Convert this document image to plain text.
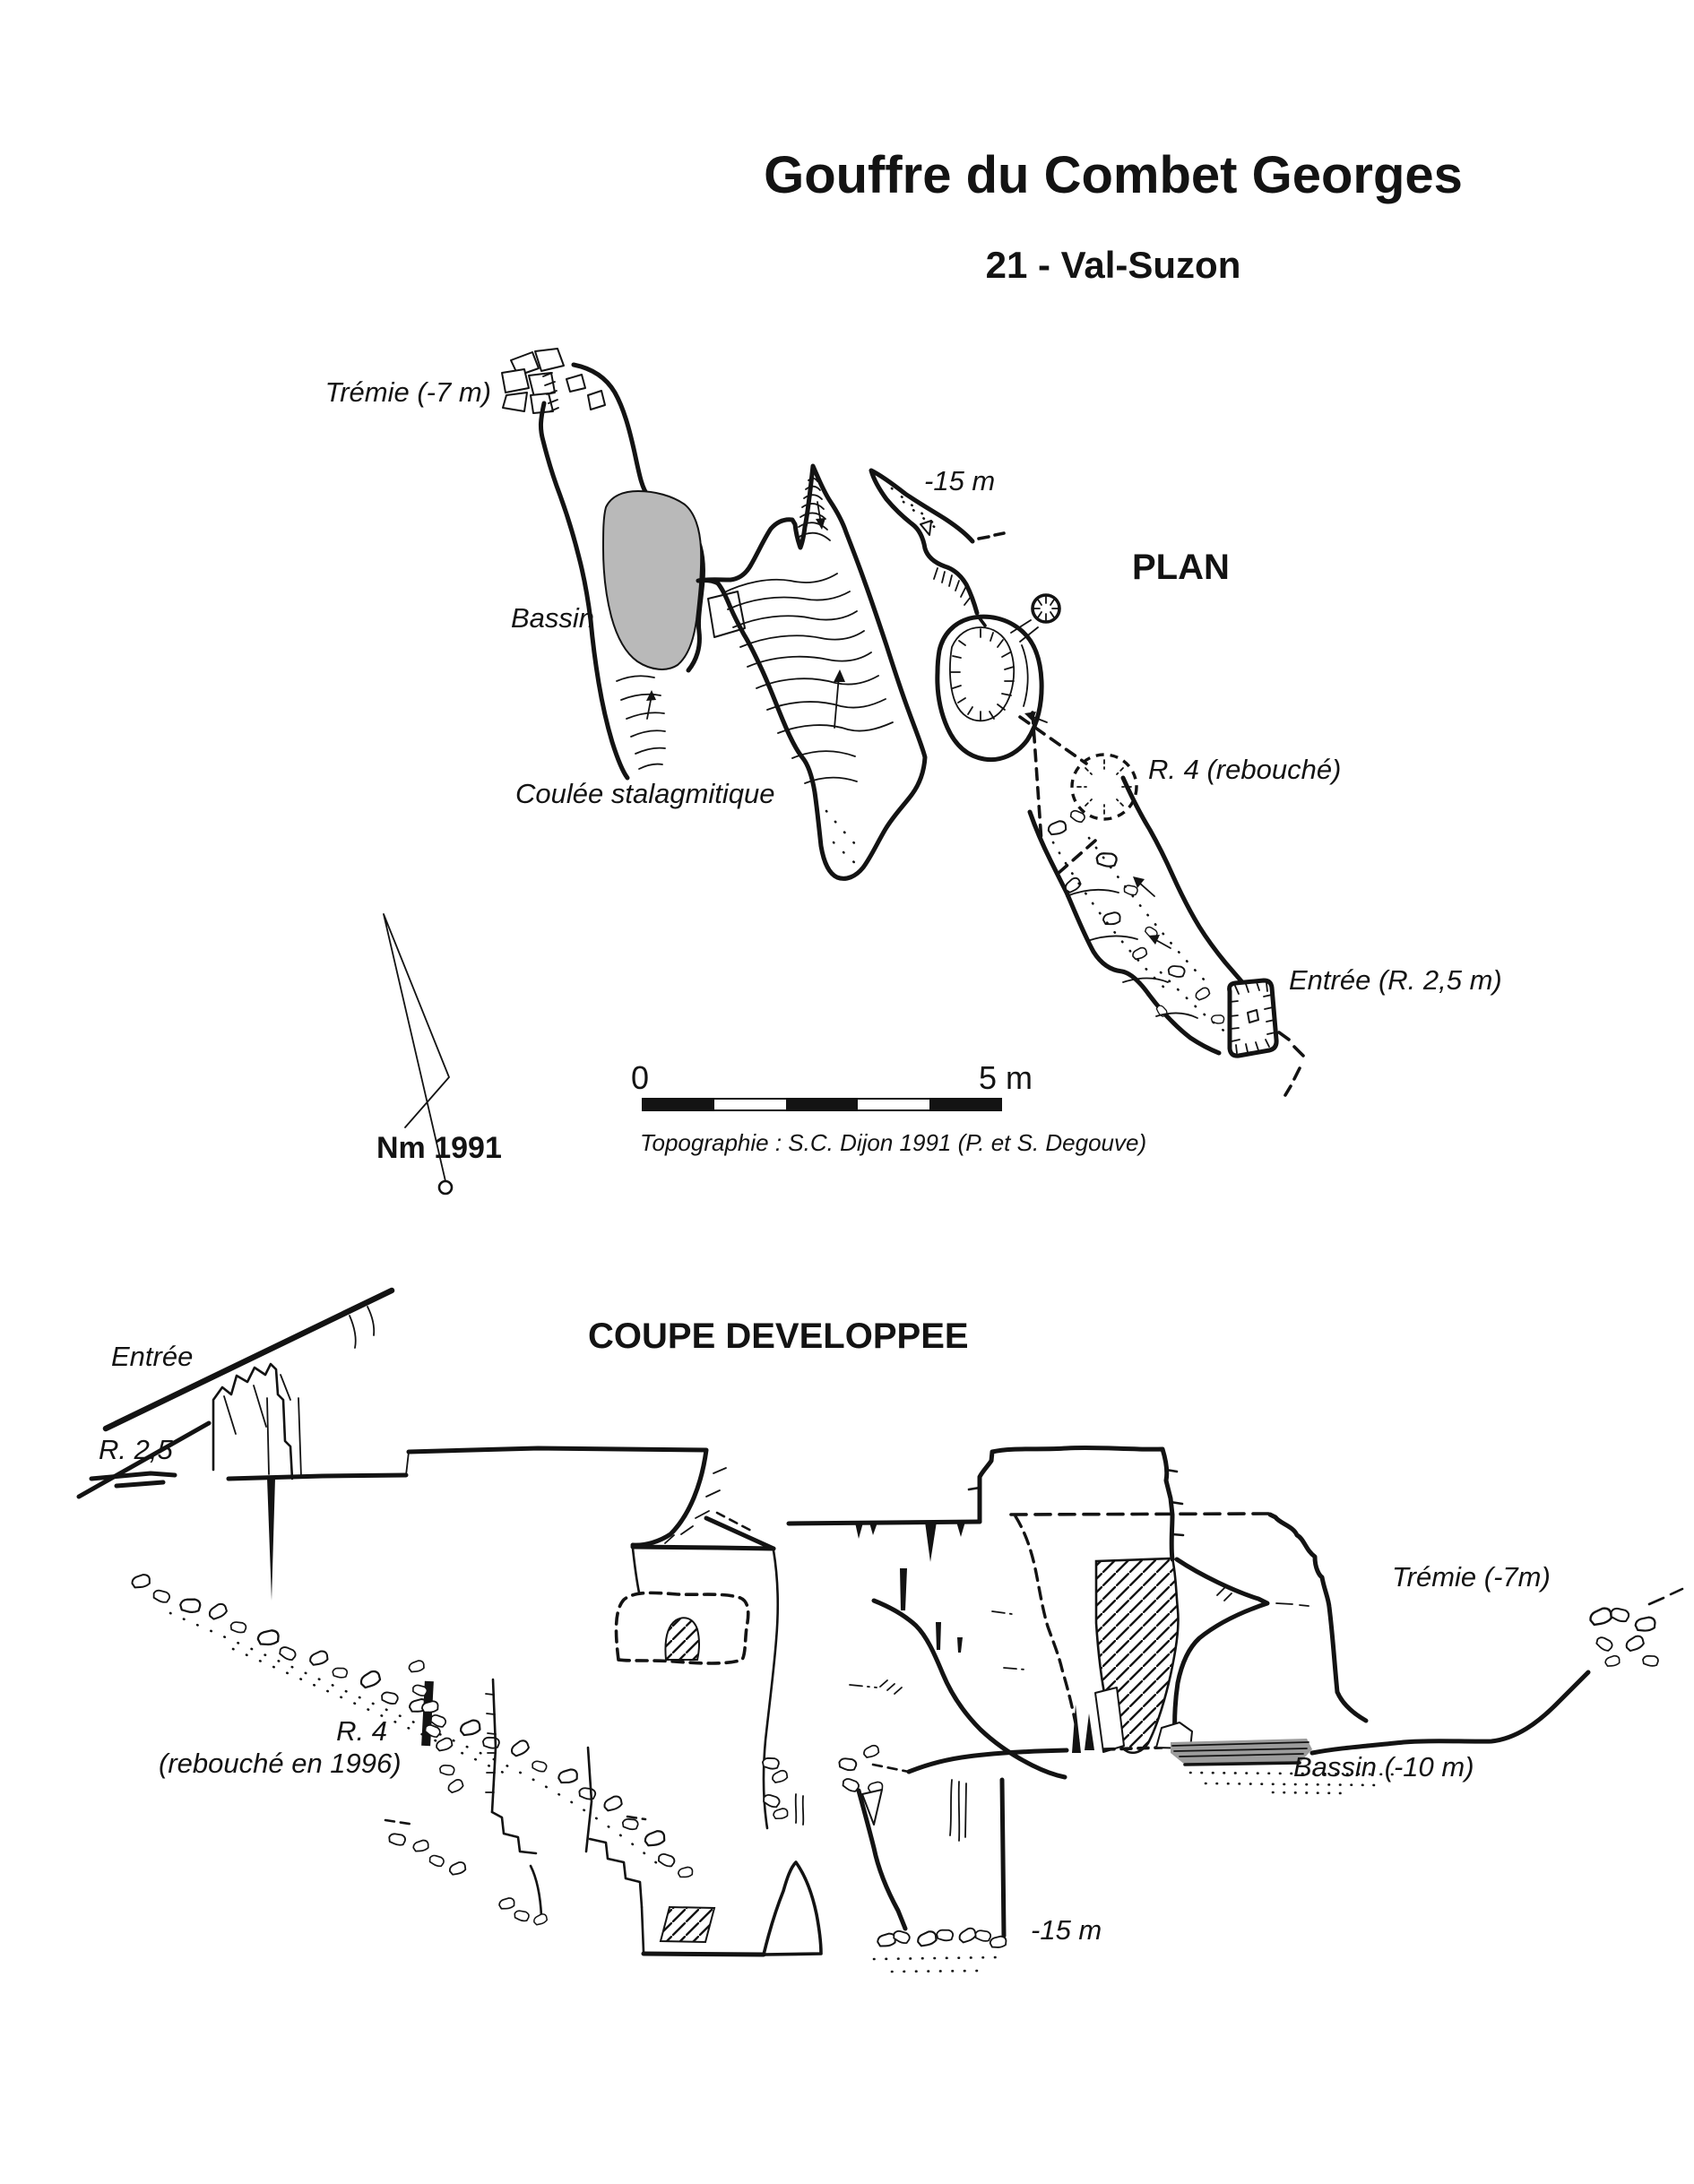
Gouffre du Combet Georges
21 - Val-Suzon
Trémie (-7 m)
Bassin
Coulée stalagmitique
-15 m
PLAN
R. 4 (rebouché)
Entrée (R. 2,5 m)
Nm 1991
0	5 m
Topographie : S.C. Dijon 1991 (P. et S. Degouve)
COUPE DEVELOPPEE
Entrée
R. 2,5
Trémie (-7m)
Bassin (-10 m)
R. 4
(rebouché en 1996)
-15 m
